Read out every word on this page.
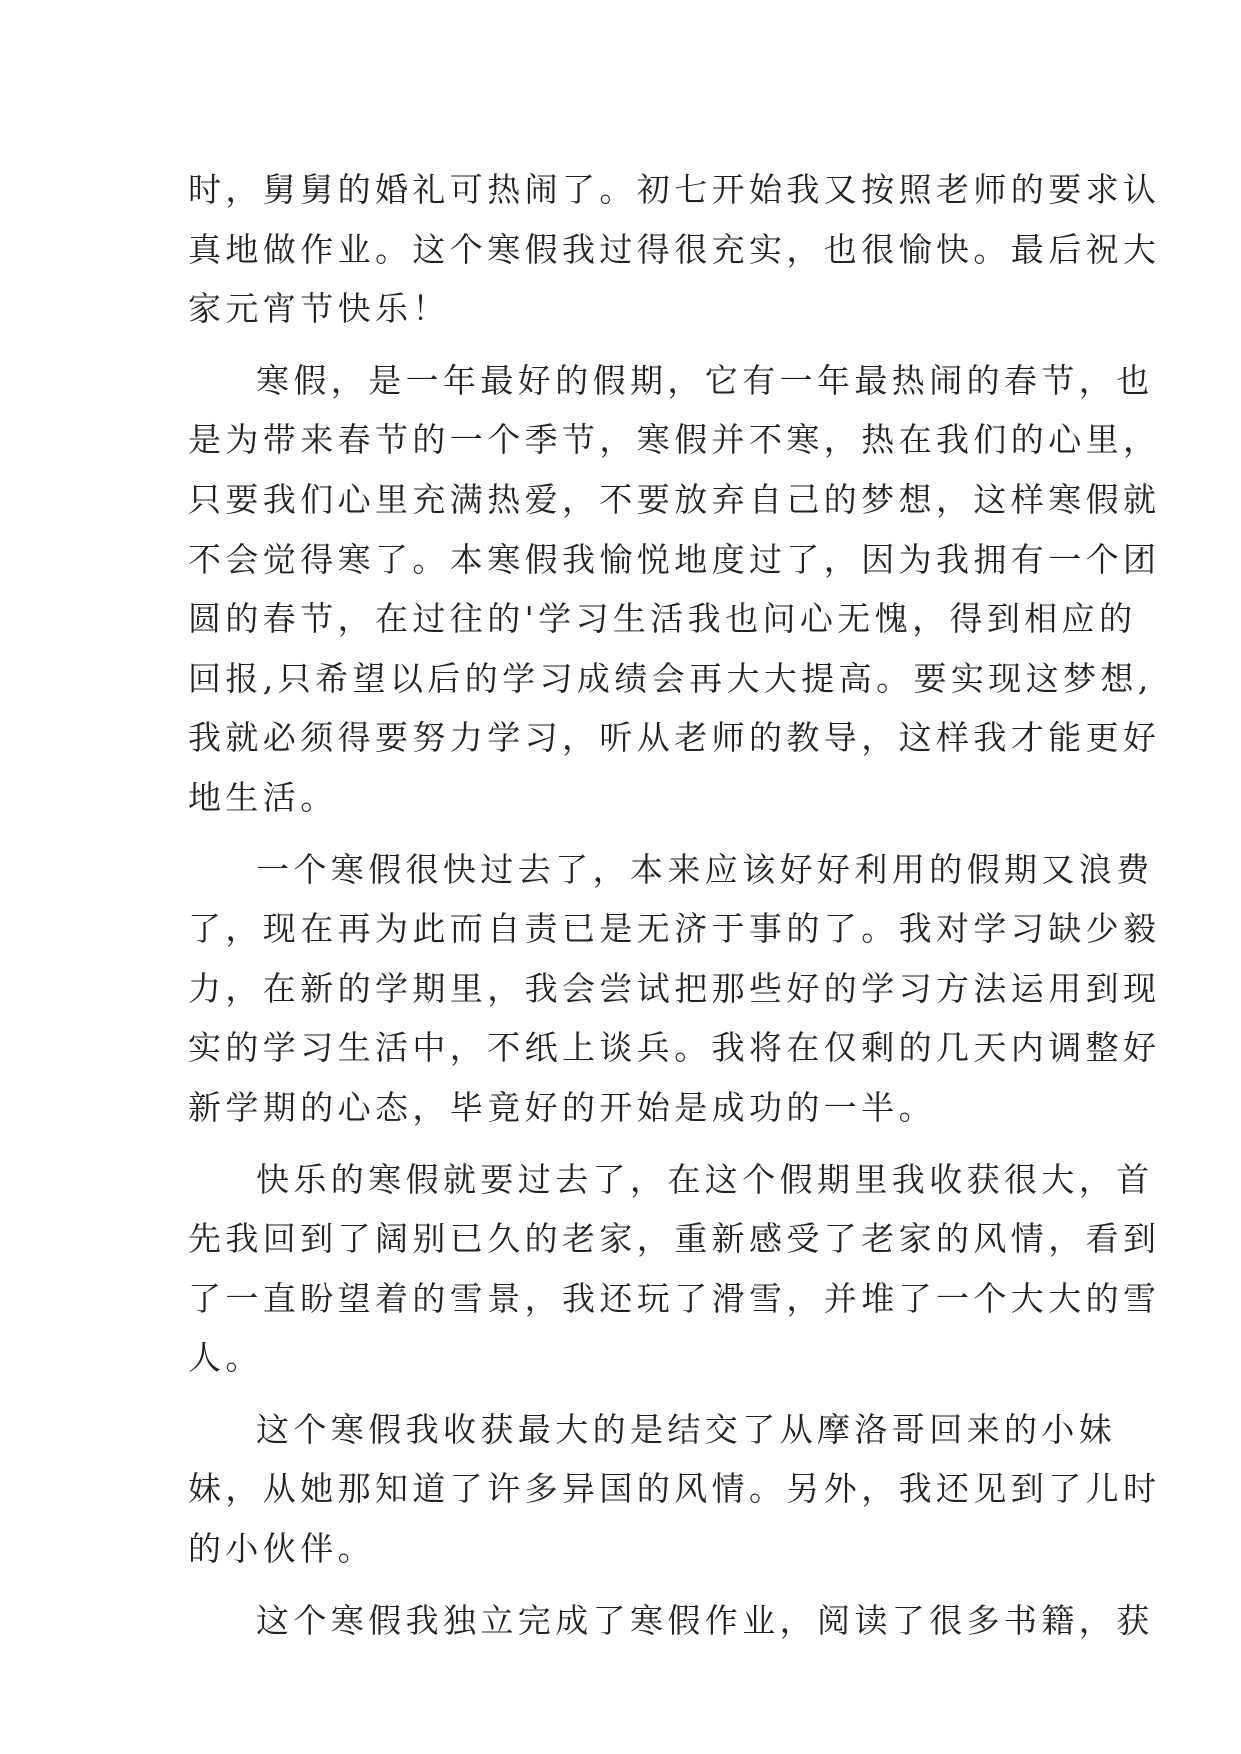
时，舅舅的婚礼可热闹了。初七开始我又按照老师的要求认
真地做作业。这个寒假我过得很充实，也很愉快。最后祝大
家元宵节快乐！
寒假，是一年最好的假期，它有一年最热闹的春节，也
是为带来春节的一个季节，寒假并不寒，热在我们的心里，
只要我们心里充满热爱，不要放弃自己的梦想，这样寒假就
不会觉得寒了。本寒假我愉悦地度过了，因为我拥有一个团
圆的春节，在过往的'学习生活我也问心无愧，得到相应的
回报,只希望以后的学习成绩会再大大提高。要实现这梦想,
我就必须得要努力学习，听从老师的教导，这样我才能更好
地生活。
一个寒假很快过去了，本来应该好好利用的假期又浪费
了，现在再为此而自责已是无济于事的了。我对学习缺少毅
力，在新的学期里，我会尝试把那些好的学习方法运用到现
实的学习生活中，不纸上谈兵。我将在仅剩的几天内调整好
新学期的心态，毕竟好的开始是成功的一半。
快乐的寒假就要过去了，在这个假期里我收获很大，首
先我回到了阔别已久的老家，重新感受了老家的风情，看到
了一直盼望着的雪景，我还玩了滑雪，并堆了一个大大的雪
人。
这个寒假我收获最大的是结交了从摩洛哥回来的小妹
妹，从她那知道了许多异国的风情。另外，我还见到了儿时
的小伙伴。
这个寒假我独立完成了寒假作业，阅读了很多书籍，获
